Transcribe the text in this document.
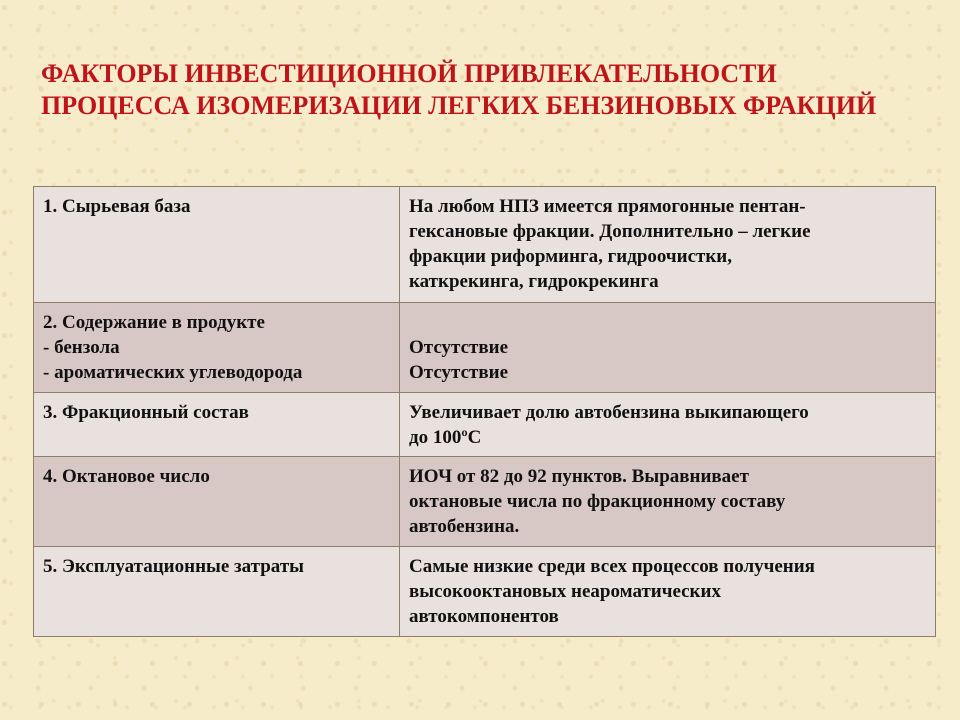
ФАКТОРЫ ИНВЕСТИЦИОННОЙ ПРИВЛЕКАТЕЛЬНОСТИ
ПРОЦЕССА ИЗОМЕРИЗАЦИИ ЛЕГКИХ БЕНЗИНОВЫХ ФРАКЦИЙ
1. Сырьевая база	На любом НПЗ имеется прямогонные пентан-
гексановые фракции. Дополнительно – легкие
фракции риформинга, гидроочистки,
каткрекинга, гидрокрекинга

2. Содержание в продукте
- бензола
- ароматических углеводорода	Отсутствие
Отсутствие

3. Фракционный состав	Увеличивает долю автобензина выкипающего
до 100ºС

4. Октановое число	ИОЧ от 82 до 92 пунктов. Выравнивает
октановые числа по фракционному составу
автобензина.

5. Эксплуатационные затраты	Самые низкие среди всех процессов получения
высокооктановых неароматических
автокомпонентов
